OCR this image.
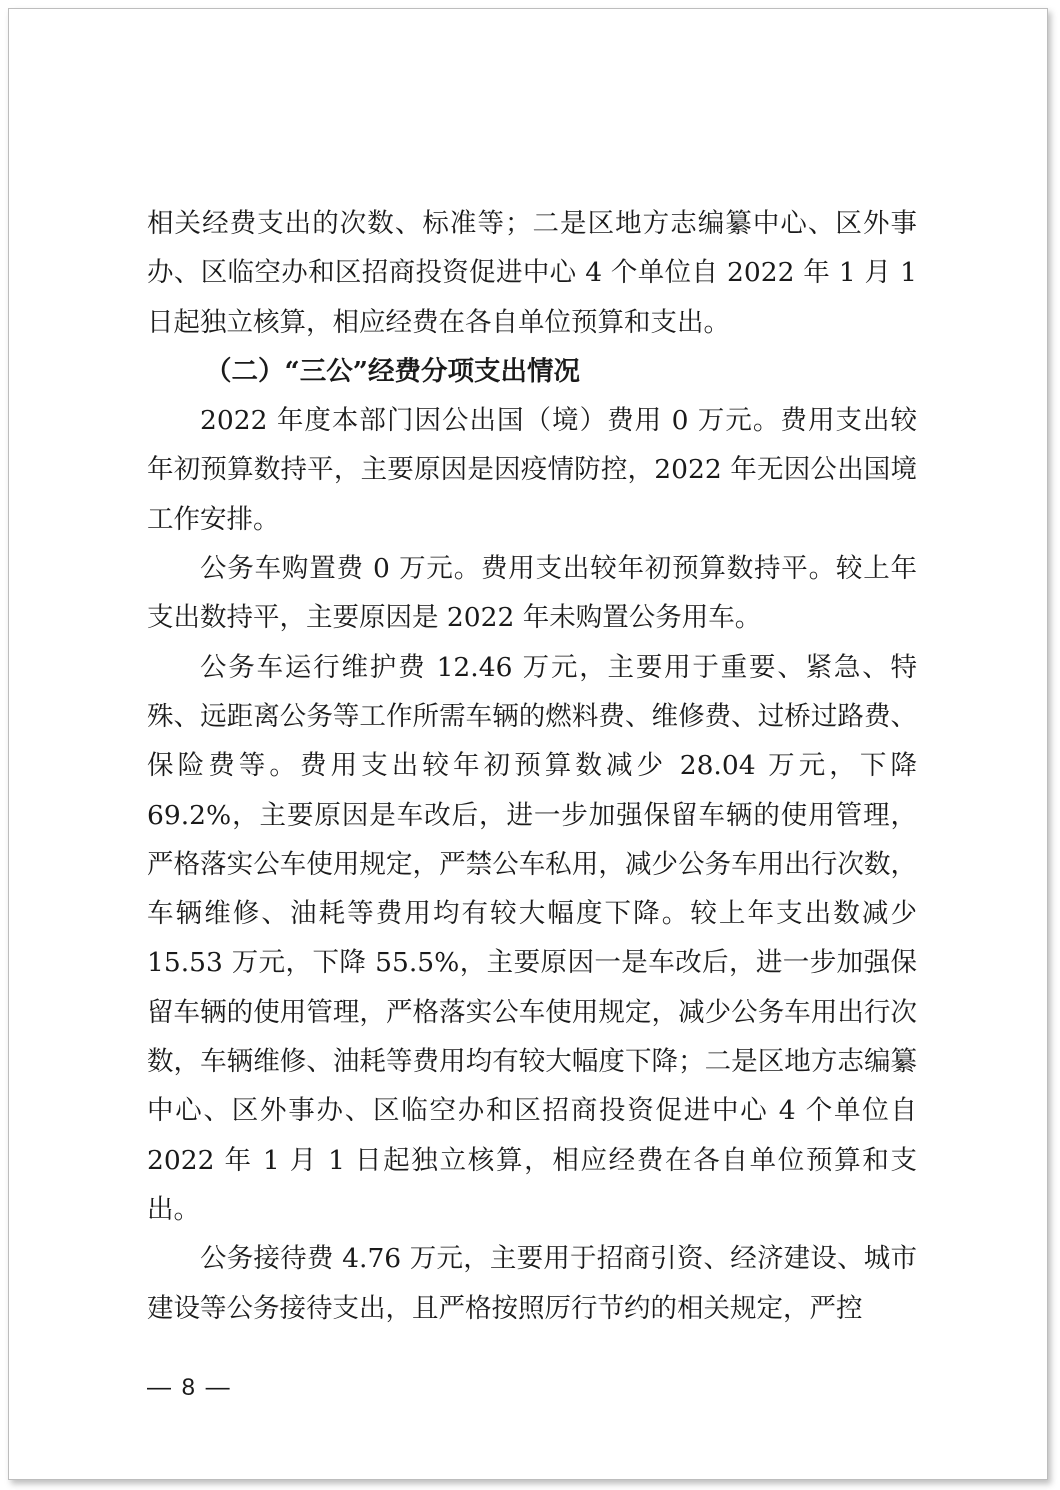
相关经费支出的次数、标准等；二是区地方志编纂中心、区外事办、区临空办和区招商投资促进中心 4 个单位自 2022 年 1 月 1 日起独立核算，相应经费在各自单位预算和支出。

（二）“三公”经费分项支出情况

2022 年度本部门因公出国（境）费用 0 万元。费用支出较年初预算数持平，主要原因是因疫情防控，2022 年无因公出国境工作安排。

公务车购置费 0 万元。费用支出较年初预算数持平。较上年支出数持平，主要原因是 2022 年未购置公务用车。

公务车运行维护费 12.46 万元，主要用于重要、紧急、特殊、远距离公务等工作所需车辆的燃料费、维修费、过桥过路费、保险费等。费用支出较年初预算数减少 28.04 万元，下降 69.2%，主要原因是车改后，进一步加强保留车辆的使用管理，严格落实公车使用规定，严禁公车私用，减少公务车用出行次数，车辆维修、油耗等费用均有较大幅度下降。较上年支出数减少 15.53 万元，下降 55.5%，主要原因一是车改后，进一步加强保留车辆的使用管理，严格落实公车使用规定，减少公务车用出行次数，车辆维修、油耗等费用均有较大幅度下降；二是区地方志编纂中心、区外事办、区临空办和区招商投资促进中心 4 个单位自 2022 年 1 月 1 日起独立核算，相应经费在各自单位预算和支出。

公务接待费 4.76 万元，主要用于招商引资、经济建设、城市建设等公务接待支出，且严格按照厉行节约的相关规定，严控

— 8 —
